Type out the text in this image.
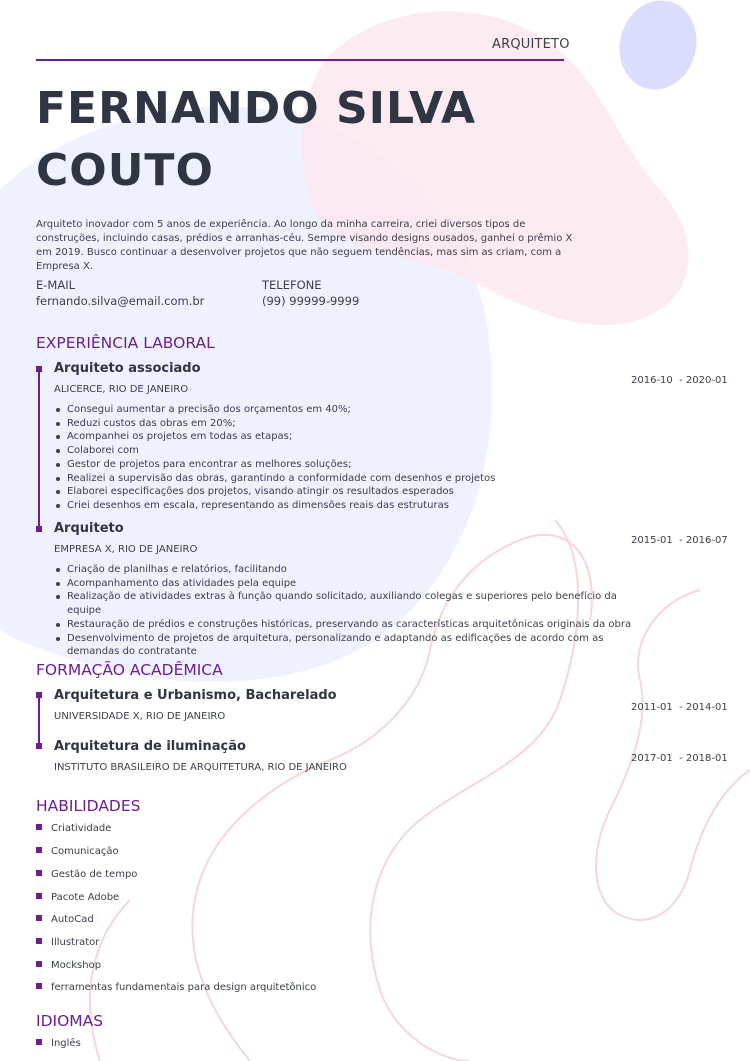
ARQUITETO
FERNANDO SILVA
COUTO
Arquiteto inovador com 5 anos de experiência. Ao longo da minha carreira, criei diversos tipos de construções, incluindo casas, prédios e arranhas-céu. Sempre visando designs ousados, ganhei o prêmio X em 2019. Busco continuar a desenvolver projetos que não seguem tendências, mas sim as criam, com a Empresa X.
E-MAIL
fernando.silva@email.com.br
TELEFONE
(99) 99999-9999
EXPERIÊNCIA LABORAL
Arquiteto associado
ALICERCE, RIO DE JANEIRO
2016-10  - 2020-01
Consegui aumentar a precisão dos orçamentos em 40%;
Reduzi custos das obras em 20%;
Acompanhei os projetos em todas as etapas;
Colaborei com
Gestor de projetos para encontrar as melhores soluções;
Realizei a supervisão das obras, garantindo a conformidade com desenhos e projetos
Elaborei especificações dos projetos, visando atingir os resultados esperados
Criei desenhos em escala, representando as dimensões reais das estruturas
Arquiteto
EMPRESA X, RIO DE JANEIRO
2015-01  - 2016-07
Criação de planilhas e relatórios, facilitando
Acompanhamento das atividades pela equipe
Realização de atividades extras à função quando solicitado, auxiliando colegas e superiores pelo benefício da equipe
Restauração de prédios e construções históricas, preservando as características arquitetônicas originais da obra
Desenvolvimento de projetos de arquitetura, personalizando e adaptando as edificações de acordo com as demandas do contratante
FORMAÇÃO ACADÊMICA
Arquitetura e Urbanismo, Bacharelado
UNIVERSIDADE X, RIO DE JANEIRO
2011-01  - 2014-01
Arquitetura de iluminação
INSTITUTO BRASILEIRO DE ARQUITETURA, RIO DE JANEIRO
2017-01  - 2018-01
HABILIDADES
Criatividade
Comunicação
Gestão de tempo
Pacote Adobe
AutoCad
Illustrator
Mockshop
ferramentas fundamentais para design arquitetônico
IDIOMAS
Inglês
